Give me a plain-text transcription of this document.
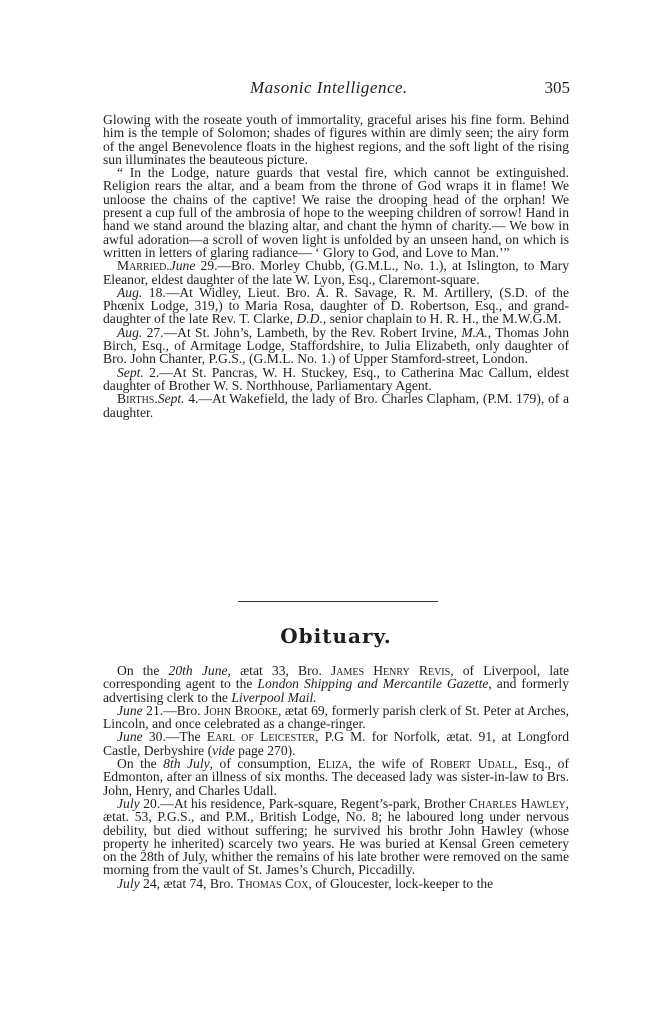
Masonic Intelligence.	305

Glowing with the roseate youth of immortality, graceful arises his fine form. Behind him is the temple of Solomon; shades of figures within are dimly seen; the airy form of the angel Benevolence floats in the highest regions, and the soft light of the rising sun illuminates the beauteous picture.

“ In the Lodge, nature guards that vestal fire, which cannot be extinguished. Religion rears the altar, and a beam from the throne of God wraps it in flame! We unloose the chains of the captive! We raise the drooping head of the orphan! We present a cup full of the ambrosia of hope to the weeping children of sorrow! Hand in hand we stand around the blazing altar, and chant the hymn of charity.— We bow in awful adoration—a scroll of woven light is unfolded by an unseen hand, on which is written in letters of glaring radiance— ‘ Glory to God, and Love to Man.’”

Married.June 29.—Bro. Morley Chubb, (G.M.L., No. 1.), at Islington, to Mary Eleanor, eldest daughter of the late W. Lyon, Esq., Claremont-square.

Aug. 18.—At Widley, Lieut. Bro. A. R. Savage, R. M. Artillery, (S.D. of the Phœnix Lodge, 319,) to Maria Rosa, daughter of D. Robertson, Esq., and grand-daughter of the late Rev. T. Clarke, D.D., senior chaplain to H. R. H., the M.W.G.M.

Aug. 27.—At St. John’s, Lambeth, by the Rev. Robert Irvine, M.A., Thomas John Birch, Esq., of Armitage Lodge, Staffordshire, to Julia Elizabeth, only daughter of Bro. John Chanter, P.G.S., (G.M.L. No. 1.) of Upper Stamford-street, London.

Sept. 2.—At St. Pancras, W. H. Stuckey, Esq., to Catherina Mac Callum, eldest daughter of Brother W. S. Northhouse, Parliamentary Agent.

Births.Sept. 4.—At Wakefield, the lady of Bro. Charles Clapham, (P.M. 179), of a daughter.

Obituary.

On the 20th June, ætat 33, Bro. James Henry Revis, of Liverpool, late corresponding agent to the London Shipping and Mercantile Gazette, and formerly advertising clerk to the Liverpool Mail.

June 21.—Bro. John Brooke, ætat 69, formerly parish clerk of St. Peter at Arches, Lincoln, and once celebrated as a change-ringer.

June 30.—The Earl of Leicester, P.G M. for Norfolk, ætat. 91, at Longford Castle, Derbyshire (vide page 270).

On the 8th July, of consumption, Eliza, the wife of Robert Udall, Esq., of Edmonton, after an illness of six months. The deceased lady was sister-in-law to Brs. John, Henry, and Charles Udall.

July 20.—At his residence, Park-square, Regent’s-park, Brother Charles Hawley, ætat. 53, P.G.S., and P.M., British Lodge, No. 8; he laboured long under nervous debility, but died without suffering; he survived his brothr John Hawley (whose property he inherited) scarcely two years. He was buried at Kensal Green cemetery on the 28th of July, whither the remains of his late brother were removed on the same morning from the vault of St. James’s Church, Piccadilly.

July 24, ætat 74, Bro. Thomas Cox, of Gloucester, lock-keeper to the
